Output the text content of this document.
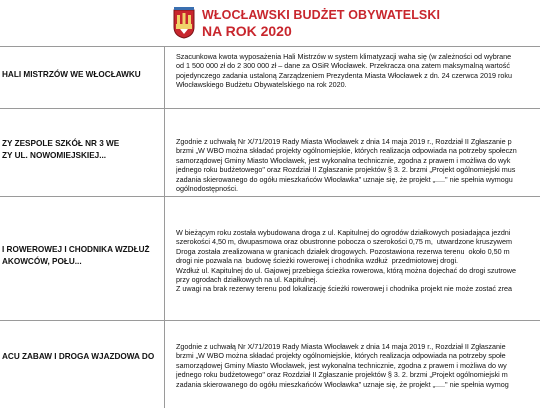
WŁOCŁAWSKI BUDŻET OBYWATELSKI
NA ROK 2020
HALI MISTRZÓW WE WŁOCŁAWKU
Szacunkowa kwota wyposażenia Hali Mistrzów w system klimatyzacji waha się (w zależności od wybrane
od 1 500 000 zł do 2 300 000 zł – dane za OSiR Włocławek. Przekracza ona zatem maksymalną wartość
pojedynczego zadania ustaloną Zarządzeniem Prezydenta Miasta Włocławek z dn. 24 czerwca 2019 roku
Włocławskiego Budżetu Obywatelskiego na rok 2020.
ZY ZESPOLE SZKÓŁ NR 3 WE
ZY UL. NOWOMIEJSKIEJ...
Zgodnie z uchwałą Nr X/71/2019 Rady Miasta Włocławek z dnia 14 maja 2019 r., Rozdział II Zgłaszanie p
brzmi „W WBO można składać projekty ogólnomiejskie, których realizacja odpowiada na potrzeby społeczn
samorządowej Gminy Miasto Włocławek, jest wykonalna technicznie, zgodna z prawem i możliwa do wyk
jednego roku budżetowego" oraz Rozdział II Zgłaszanie projektów § 3. 2. brzmi „Projekt ogólnomiejski mus
zadania skierowanego do ogółu mieszkańców Włocławka" uznaje się, że projekt „....." nie spełnia wymogu
ogólnodostępności.
I ROWEROWEJ I CHODNIKA WZDŁUŻ
AKOWCÓW, POŁU...
W bieżącym roku została wybudowana droga z ul. Kapitulnej do ogrodów działkowych posiadająca jezdni
szerokości 4,50 m, dwupasmowa oraz obustronne pobocza o szerokości 0,75 m,  utwardzone kruszywem
Droga została zrealizowana w granicach działek drogowych. Pozostawiona rezerwa terenu  około 0,50 m
drogi nie pozwala na  budowę ścieżki rowerowej i chodnika wzdłuż  przedmiotowej drogi.
Wzdłuż ul. Kapitulnej do ul. Gajowej przebiega ścieżka rowerowa, którą można dojechać do drogi szutrowe
przy ogrodach działkowych na ul. Kapitulnej.
Z uwagi na brak rezerwy terenu pod lokalizację ścieżki rowerowej i chodnika projekt nie może zostać zrea
ACU ZABAW I DROGA WJAZDOWA DO
Zgodnie z uchwałą Nr X/71/2019 Rady Miasta Włocławek z dnia 14 maja 2019 r., Rozdział II Zgłaszanie
brzmi „W WBO można składać projekty ogólnomiejskie, których realizacja odpowiada na potrzeby społe
samorządowej Gminy Miasto Włocławek, jest wykonalna technicznie, zgodna z prawem i możliwa do wy
jednego roku budżetowego" oraz Rozdział II Zgłaszanie projektów § 3. 2. brzmi „Projekt ogólnomiejski m
zadania skierowanego do ogółu mieszkańców Włocławka" uznaje się, że projekt „....." nie spełnia wymog
